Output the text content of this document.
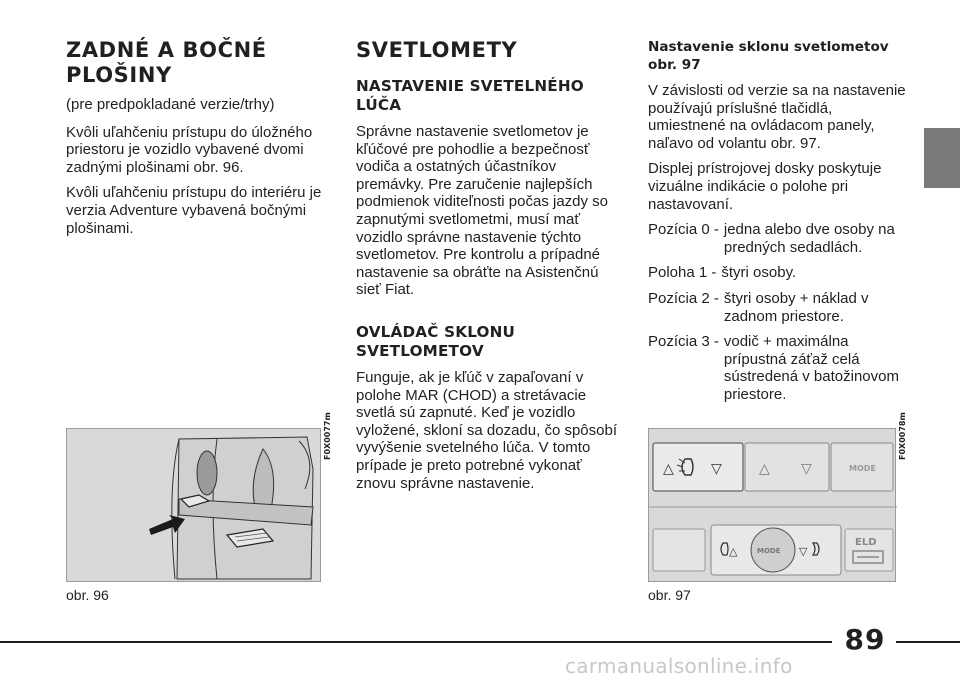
ZADNÉ A BOČNÉ PLOŠINY

(pre predpokladané verzie/trhy)

Kvôli uľahčeniu prístupu do úložného priestoru je vozidlo vybavené dvomi zadnými plošinami obr. 96.

Kvôli uľahčeniu prístupu do interiéru je verzia Adventure vybavená bočnými plošinami.

SVETLOMETY
NASTAVENIE SVETELNÉHO LÚČA

Správne nastavenie svetlometov je kľúčové pre pohodlie a bezpečnosť vodiča a ostatných účastníkov premávky. Pre zaručenie najlepších podmienok viditeľnosti počas jazdy so zapnutými svetlometmi, musí mať vozidlo správne nastavenie týchto svetlometov. Pre kontrolu a prípadné nastavenie sa obráťte na Asistenčnú sieť Fiat.

OVLÁDAČ SKLONU SVETLOMETOV

Funguje, ak je kľúč v zapaľovaní v polohe MAR (CHOD) a stretávacie svetlá sú zapnuté. Keď je vozidlo vyložené, skloní sa dozadu, čo spôsobí vyvýšenie svetelného lúča. V tomto prípade je preto potrebné vykonať znovu správne nastavenie.

Nastavenie sklonu svetlometov obr. 97

V závislosti od verzie sa na nastavenie používajú príslušné tlačidlá, umiestnené na ovládacom panely, naľavo od volantu obr. 97.

Displej prístrojovej dosky poskytuje vizuálne indikácie o polohe pri nastavovaní.

Pozícia 0 - jedna alebo dve osoby na predných sedadlách.
Poloha 1 - štyri osoby.
Pozícia 2 - štyri osoby + náklad v zadnom priestore.
Pozícia 3 - vodič + maximálna prípustná záťaž celá sústredená v batožinovom priestore.
F0X0077m
obr. 96
△	▽	△ ▽	MODE
MODE
△	▽
ELD
F0X0078m
obr. 97
89
carmanualsonline.info
